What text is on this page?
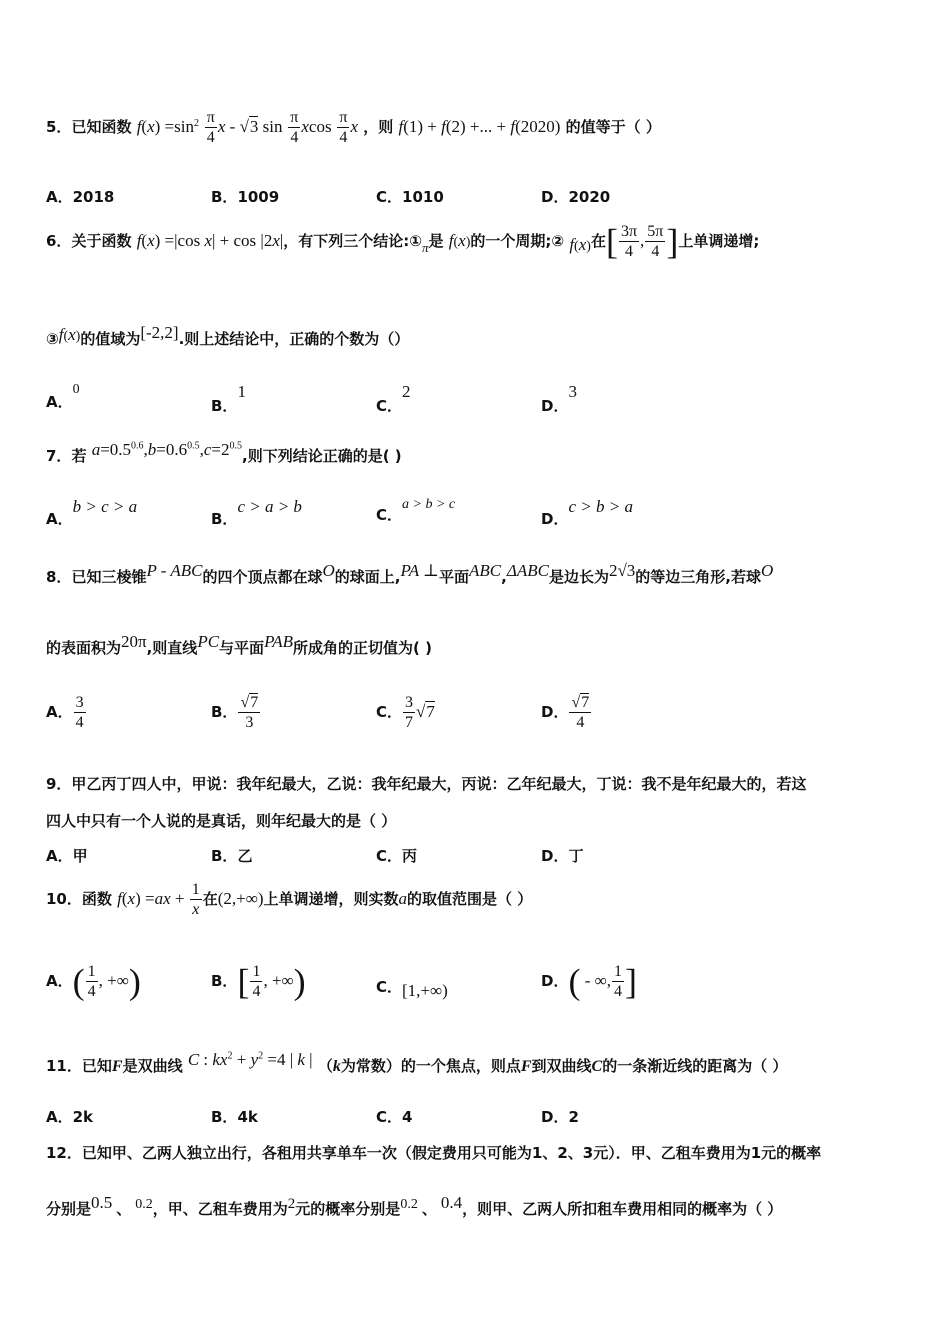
5．已知函数 $f(x) =\sin^2 \frac{\pi}{4}$ x - √3 $\sin \frac{\pi}{4}$ xcos $\frac{\pi}{4}$ x ，则 f(1) + f(2) +... + f(2020) 的值等于（ ）
A．2018	B．1009	C．1010	D．2020
6．关于函数 f(x) =|cos x| + cos |2x|，有下列三个结论:①π是 f(x)的一个周期;② f(x)在[ $\frac{3\pi}{4}$ , $\frac{5\pi}{4}$ ]上单调递增;
③f(x)的值域为[-2,2].则上述结论中，正确的个数为（）
A．0
B．1
C．2
D．3
7．若 $a=0.5^{0.6},b=0.6^{0.5},c=2^{0.5}$,则下列结论正确的是( )
A．b > c > a
B．c > a > b	C．a > b > c
D．c > b > a
8．已知三棱锥P - ABC的四个顶点都在球O的球面上,PA ⊥平面ABC,ΔABC是边长为2√3的等边三角形,若球O
的表面积为20π,则直线PC与平面PAB所成角的正切值为( )
A． $\frac{3}{4}$	B． $\frac{√7}{3}$	C． $\frac{3}{7} √7$	D． $\frac{√7}{4}$
9．甲乙丙丁四人中，甲说：我年纪最大，乙说：我年纪最大，丙说：乙年纪最大，丁说：我不是年纪最大的，若这
四人中只有一个人说的是真话，则年纪最大的是（ ）
A．甲	B．乙	C．丙	D．丁
10．函数 $f(x) =ax + \frac{1}{x}$ 在(2,+∞)上单调递增，则实数a的取值范围是（ ）
A．( $\frac{1}{4}$ , +∞)	B．[ $\frac{1}{4}$ , +∞)	C．[1,+∞)	D．( - ∞, $\frac{1}{4}$ ]
11．已知F是双曲线 C : $kx^2 + y^2 =4$ | k | （k为常数）的一个焦点，则点F到双曲线C的一条渐近线的距离为（ ）
A．2k	B．4k	C．4	D．2
12．已知甲、乙两人独立出行，各租用共享单车一次（假定费用只可能为1、2、3元）．甲、乙租车费用为1元的概率
分别是0.5 、 0.2，甲、乙租车费用为2元的概率分别是0.2 、 0.4，则甲、乙两人所扣租车费用相同的概率为（ ）
